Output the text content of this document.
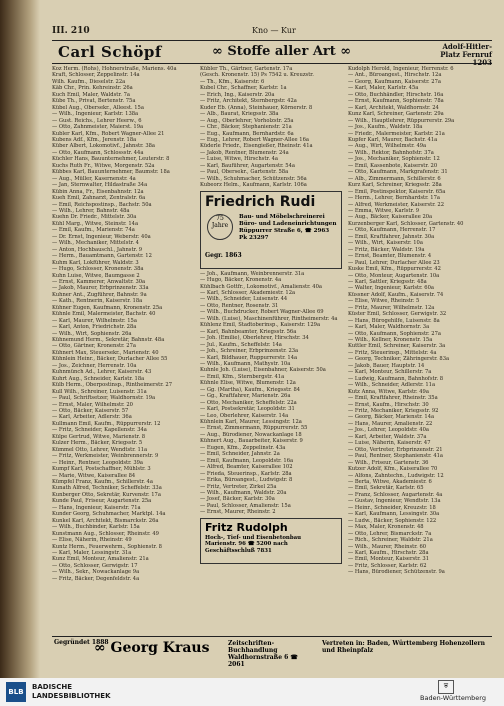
III. 210	Kno — Kur
Carl Schöpf	∞ Stoffe aller Art ∞	Adolf-Hitler-Platz Fernruf 1203
Koz Herm. (Rohs), Hohnerstraße, Mariens. 40a
Kraft, Schlosser, Zeppelinstr. 14a
Wilh. Kaufm., Dieselstr. 22a
Käb Chr., Prin. Kehreinstr. 26a
Kuch Emil, Maler, Waldstr. 7a
Kübe Th., Privat, Bertenstr. 75a
Kübel Aug., Obersekr., Alleest. 15a
— Wilh., Ingenieur, Karlstr. 138a
— Gust. Reichs., Lehrer Heerw., 6
— Otto, Zahnmeister, Maierst. 19a
Kubler Karl, Kfm., Robert Wagner-Allee 21
Kubens Adf., Kfm., Jerenstr. 18a
Küber Albert, Lokomotivf., Jahnstr. 38a
— Otto, Kaufmann, Schlossstr. 44a
Küchler Hans, Bauunternehmer, Leuterstr. 8
Kuchs Ruth Fr., Witwe, Morgenstr. 52a
Kübbes Karl, Bauunternehmer, Baumstr. 18a
— Aug., Müller, Kasernenstr. 4a
— Jan, Sternwalter, Hildastraße 34a
Kübin Anna, Fr., Eisenbahnstr. 12a
Kueh Emil, Zahnarzt, Zentralstr. 6a
— Emil, Reichspostinsp., Bachstr. 50a
— Wilh., Lehrer, Bahnstr. 48a
Kuehn Dr. Friedr., Mittelstr. 30a
Kühl Marg., Witwe, Steinstr. 14a
— Emil, Kaufm., Marienstr. 74a
— Dr. Ernst, Ingenieur, Weberstr. 40a
— Wilh., Mechaniker, Mittelstr. 4
— Anton, Hochbauschl., Jahnstr. 9
— Herm., Bauamtmann, Gartenstr. 12
Kuhm Karl, Lokführer, Waldstr. 3
— Hugo, Schlosser, Kronenstr. 38a
Kuhn Luise, Witwe, Baumgasse 2
— Ernst, Kammerer, Anwaltstr. 30a
— Jakob, Maurer, Erbprinzenstr. 33a
Kuhner Ant., Zugführer, Bahnstr. 9a
— Kath., Rentnerin, Kaiserstr. 18a
Kühner Eugen, Kaufmann, Kronenstr. 25a
Kühnle Emil, Malermeister, Bachstr. 40
— Karl, Maurer, Wilhelmstr. 15a
— Karl, Anton, Friedrichstr. 28a
— Wilh., Wirt, Sophienstr. 26a
Kühnemund Herm., Sekretär, Bahnstr. 48a
— Otto, Gärtner, Kronenstr. 27a
Kühnert Max, Steuersekr., Marienstr. 40
Kühnlein Heinr., Bäcker, Durlacher Allee 55
— Jos., Zeichner, Herrenstr. 10a
Kuhnmünch Ad., Lehrer, Kaiserstr. 43
Kuhrt Aug., Schneider, Karlstr. 18a
Külb Herm., Oberpostinsp., Rintheimerstr. 27
Kull Wilh., Schreiner, Luisenstr. 31a
— Paul, Schriftsetzer, Waldhornstr. 19a
— Ernst, Maler, Wilhelmstr. 20
— Otto, Bäcker, Kaiserstr. 57
— Karl, Arbeiter, Adlerstr. 36a
Kullmann Emil, Kaufm., Rüppurrerstr. 12
— Fritz, Schneider, Kapellenstr. 34a
Külpe Gertrud, Witwe, Marienstr. 8
Kulzer Herm., Bäcker, Kriegsstr. 5
Kümmel Otto, Lehrer, Wendtstr. 11a
— Fritz, Werkmeister, Weinbrennerstr. 9
— Heinr., Rentner, Leopoldstr. 39a
Kumpf Karl, Postschaffner, Mühlstr. 3
— Marie, Witwe, Kaiserallee 84
Kümpfel Franz, Kaufm., Schillerstr. 4a
Kunath Alfred, Techniker, Scheffelstr. 33a
Kunberger Otto, Sekretär, Kurvenstr. 17a
Kunde Paul, Friseur, Augartenstr. 25a
— Hans, Ingenieur, Kaiserstr. 71a
Kunder Georg, Schuhmacher, Marktpl. 14a
Kunkel Karl, Architekt, Bismarckstr. 26a
— Wilh., Buchbinder, Karlstr. 15a
Kunstmann Aug., Schlosser, Rheinstr. 49
— Elise, Näherin, Rheinstr. 49
Kuntz Herm., Feuerwehrm., Sophienstr. 8
— Karl, Maler, Lessingstr. 31a
Kunz Emil, Monteur, Amalienstr. 21a
— Otto, Schlosser, Gerwigstr. 17
— Wilh., Sekr., Nowackanlage 9a
— Fritz, Bäcker, Degenfeldstr. 4a
Kübler Th., Gärtner, Gartenstr. 17a
(Gesch. Kronenstr. 15) Ps 7542 u. Kreuzstr.
— Th., Kfm., Kaiserstr. 6
Kubel Chr., Schaffner, Karlstr. 1a
— Erich, Ing., Kaiserstr. 20a
— Fritz, Architekt, Sternbergstr. 42a
Kuder Eb. (Anna), Steinhauer, Körnerstr. 8
— Alb., Baurat, Kriegsstr. 38a
— Aug., Oberlehrer, Vorholzstr. 25a
— Chr., Bäcker, Stephanienstr. 21a
— Eug., Kaufmann, Bernhardstr. 6a
— Eug., Lehrer, Robert Wagner-Allee 16a
Küderle Friedr., Eisengießer, Rheinstr. 41a
— Jakob, Rentner, Blumenstr. 24a
— Luise, Witwe, Hirschstr. 4a
— Karl, Bauführer, Augartenstr. 54a
— Paul, Obersekr., Gartenstr. 58a
— Wilh., Schuhmacher, Schützenstr. 56a
Kubeorz Helm., Kaufmann, Karlstr. 106a
Friedrich Rudi
75 Jahre
Bau- und Möbelschreinerei Büro- und Ladeneinrichtungen
Rüppurrer Straße 6, ☎ 2963 Pk 23297
Gegr. 1863
— Joh., Kaufmann, Weinbrennerstr. 31a
— Hugo, Bäcker, Kronenstr. 4a
Kühlbach Gottfr., Lokomotivf., Amalienstr. 40a
— Karl, Schlosser, Akademiestr. 12a
— Wilh., Schneider, Luisenstr. 44
— Otto, Rentner, Rosenstr. 31
— Wilh., Buchdrucker, Robert Wagner-Allee 69
— Wilh. (Luise), Maschinenführer, Rintheimerstr. 4a
Kühlenz Emil, Stadtoberinsp., Kaiserstr. 129a
— Karl, Bahnbeamter, Kriegsstr. 56a
— Joh. (Emilie), Oberlehrer, Hirschstr. 34
— Jul., Kaufm., Scheffelstr. 14a
— Joh., Schreiner, Erbprinzenstr. 23a
— Karl, Bildhauer, Ruppurrerstr. 14a
— Wilh., Kaufmann, Mathystr. 10a
Kuhnle Joh. (Luise), Eisenbahner, Kaiserstr. 50a
— Emil, Kfm., Sternbergstr. 41a
Kühnle Elise, Witwe, Blumenstr. 12a
— Gg. (Martha), Kaufm., Kriegsstr. 84
— Gg., Kraftfahrer, Marienstr. 26a
— Otto, Mechaniker, Scheffelstr. 22a
— Karl, Postsekretär, Leopoldstr. 31
— Leo, Oberlehrer, Kaiserstr. 14a
Kühnlein Karl, Maurer, Lessingstr. 12a
— Ernst, Zimmermann, Rüppurrerstr. 55
— Aug., Bürodiener, Nowackanlage 18
Kühnert Aug., Bauarbeiter, Kaiserstr. 9
— Eugen, Kfm., Zeppelinstr. 43a
— Emil, Schneider, Jahnstr. 2a
— Emil, Kaufmann, Leopoldstr. 16a
— Alfred, Beamter, Kaiserallee 102
— Frieda, Steuerinsp., Karlstr. 28a
— Erika, Büroangest., Ludwigstr. 8
— Fritz, Vertreter, Zirkel 25a
— Wilh., Kaufmann, Waldstr. 20a
— Josef, Bäcker, Karlstr. 30a
— Paul, Schlosser, Amalienstr. 15a
— Ernst, Maurer, Rheinstr. 2
Fritz Rudolph
Hoch-, Tief- und Eisenbetonbau
Marienstr. 96 ☎ 5200 nach Geschäftsschluß 7831
Kudolph Herold, Ingenieur, Herrenstr. 6
— Ant., Büroangest., Hirschstr. 12a
— Georg, Kaufmann, Kaiserstr. 27a
— Karl, Maler, Karlstr. 45a
— Otto, Buchhändler, Hirschstr. 16a
— Ernst, Kaufmann, Sophienstr. 78a
— Karl, Architekt, Waldhornstr. 24
Kunz Karl, Schreiner, Gartenstr. 29a
— Wilh., Hauptlehrer, Rüppurrerstr. 29a
— Jos., Kaufm., Waldstr. 18a
— Friedr., Malermeister, Karlstr. 21a
Kupfer Karl, Maurer, Bachstr. 41a
— Aug., Wirt, Wilhelmstr. 49a
— Wilh., Rektor, Bahnhofstr. 37a
— Jos., Mechaniker, Sophienstr. 12
— Emil, Kassenbote, Kaiserstr. 20
— Otto, Kaufmann, Markgrafenstr. 31
— Alb., Zimmermann, Schillerstr. 6
Kurz Karl, Schreiner, Kriegsstr. 28a
— Emil, Postinspektor, Kaiserstr. 65a
— Herm., Lehrer, Bernhardstr. 17a
— Alfred, Werkmeister, Kaiserstr. 22
— Emma, Witwe, Karlstr. 9
— Aug., Bäcker, Kaiserallee 20a
Kurzenberger Karl, Schlosser, Gartenstr. 40
— Otto, Kaufmann, Herrenstr. 17
— Emil, Kraftfahrer, Jahnstr. 30a
— Wilh., Wirt, Kaiserstr. 10a
— Fritz, Bäcker, Waldstr. 19a
— Ernst, Beamter, Blumenstr. 4
— Paul, Lehrer, Durlacher Allee 23
Kuske Emil, Kfm., Rüppurrerstr. 42
— Otto, Monteur, Augartenstr. 10a
— Karl, Sattler, Kriegsstr. 48a
— Walter, Ingenieur, Karlstr. 60a
Küssner Adolf, Kaufm., Kaiserstr. 74
— Elise, Witwe, Rheinstr. 5
— Fritz, Maurer, Wilhelmstr. 12a
Küster Emil, Schlosser, Gerwigstr. 32
— Hans, Bürogehilfe, Luisenstr. 8a
— Karl, Maler, Waldhornstr. 3a
— Otto, Kaufmann, Sophienstr. 27a
— Wilh., Kellner, Kronenstr. 15a
Kuttler Emil, Schreiner, Kaiserstr. 3a
— Fritz, Steuerinsp., Mittelstr. 4a
— Georg, Techniker, Zähringerstr. 83a
— Jakob, Bauer, Hauptstr. 14
— Karl, Monteur, Schillerstr. 7a
— Ludwig, Kaufmann, Bahnhofstr. 8
— Wilh., Schneider, Adlerstr. 11a
Kutz Anna, Witwe, Karlstr. 49a
— Emil, Kraftfahrer, Rheinstr. 35a
— Ernst, Kaufm., Hirschstr. 30
— Fritz, Mechaniker, Kriegsstr. 92
— Georg, Bäcker, Marienstr. 14a
— Hans, Maurer, Amalienstr. 22
— Jos., Lehrer, Leopoldstr. 40a
— Karl, Arbeiter, Waldstr. 37a
— Luise, Näherin, Kaiserstr. 47
— Otto, Vertreter, Erbprinzenstr. 21
— Paul, Rentner, Stephanienstr. 41a
— Wilh., Friseur, Gartenstr. 36
Kutzer Adolf, Kfm., Kaiserallee 70
— Alfons, Zahntechn., Ludwigstr. 12
— Berta, Witwe, Akademiestr. 6
— Emil, Sekretär, Karlstr. 65
— Franz, Schlosser, Augartenstr. 4a
— Gustav, Ingenieur, Wendtstr. 13a
— Heinr., Schneider, Kreuzstr. 18
— Karl, Kaufmann, Lessingstr. 30a
— Ludw., Bäcker, Sophienstr. 122
— Max, Maler, Kronenstr. 48
— Otto, Lehrer, Bismarckstr. 7a
— Rich., Schreiner, Waldstr. 21a
— Wilh., Maurer, Rheinstr. 60
— Karl, Kaufm., Hirschstr. 28a
— Emil, Monteur, Kaiserstr. 31
— Fritz, Schlosser, Karlstr. 62
— Hans, Bürodiener, Schützenstr. 9a
Gegründet 1888
∞ Georg Kraus	Zeitschriften-Buchhandlung Waldhornstraße 6 ☎ 2061
Vertreten in: Baden, Württemberg Hohenzollern und Rheinpfalz
BLB
BADISCHE
LANDESBIBLIOTHEK
⛨
Baden-Württemberg
